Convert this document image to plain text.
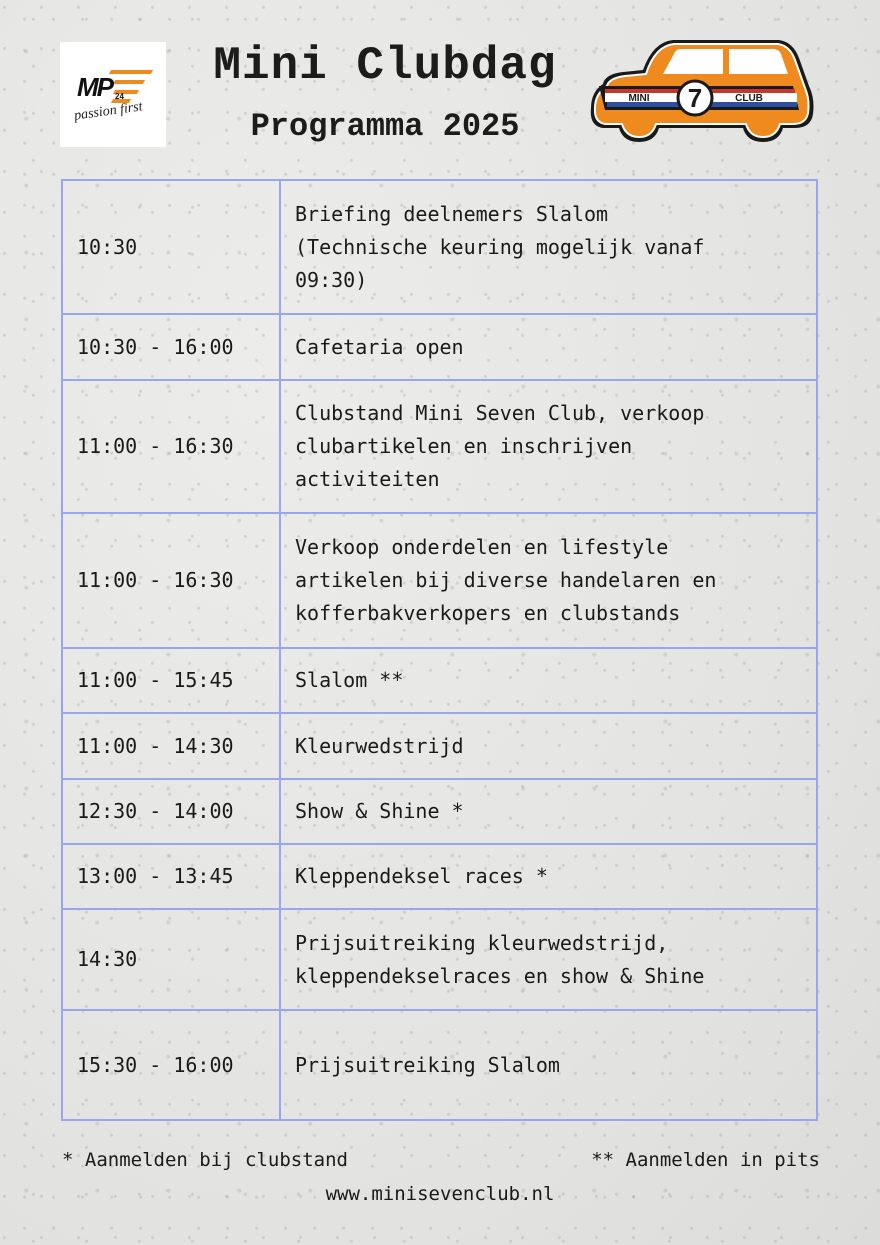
MP 24
passion first
Mini Clubdag
Programma 2025
7
MINI	CLUB
10:30	Briefing deelnemers Slalom
(Technische keuring mogelijk vanaf
09:30)

10:30 - 16:00	Cafetaria open

11:00 - 16:30	Clubstand Mini Seven Club, verkoop
clubartikelen en inschrijven
activiteiten

11:00 - 16:30	Verkoop onderdelen en lifestyle
artikelen bij diverse handelaren en
kofferbakverkopers en clubstands

11:00 - 15:45	Slalom **

11:00 - 14:30	Kleurwedstrijd

12:30 - 14:00	Show & Shine *

13:00 - 13:45	Kleppendeksel races *

14:30	Prijsuitreiking kleurwedstrijd,
kleppendekselraces en show & Shine

15:30 - 16:00	Prijsuitreiking Slalom
* Aanmelden bij clubstand	** Aanmelden in pits
www.minisevenclub.nl
